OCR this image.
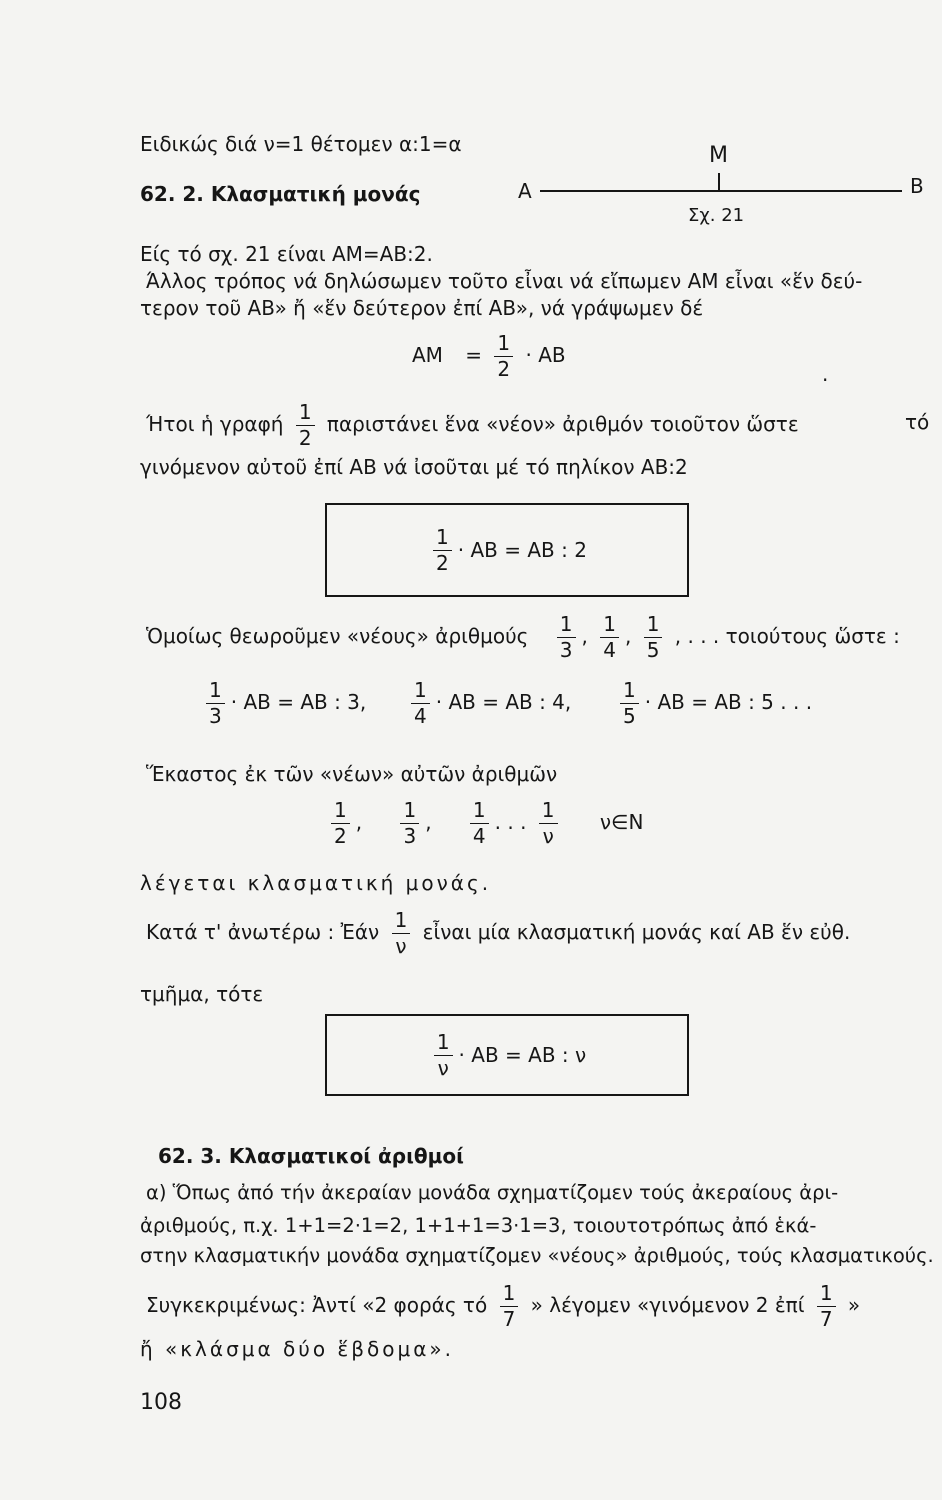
Ειδικώς διά ν=1 θέτομεν α:1=α
62. 2. Κλασματική μονάς	A
M
B
Σχ. 21
Είς τό σχ. 21 είναι AM=AB:2.
Άλλος τρόπος νά δηλώσωμεν τοῦτο εἶναι νά εἴπωμεν AM εἶναι «ἕν δεύ-
τερον τοῦ AB» ἤ «ἕν δεύτερον ἐπί AB», νά γράψωμεν δέ
AM = $\frac{1}{2}$ · AB
.
Ήτοι ἡ γραφή $\frac{1}{2}$ παριστάνει ἕνα «νέον» ἀριθμόν τοιοῦτον ὥστε	τό
γινόμενον αὐτοῦ ἐπί AB νά ἰσοῦται μέ τό πηλίκον AB:2
$\frac{1}{2}$ · AB = AB : 2
Ὁμοίως θεωροῦμεν «νέους» ἀριθμούς $\frac{1}{3}$ , $\frac{1}{4}$ , $\frac{1}{5}$ , . . . τοιούτους ὥστε :
$\frac{1}{3}$ · AB = AB : 3, $\frac{1}{4}$ · AB = AB : 4, $\frac{1}{5}$ · AB = AB : 5 . . .
Ἕκαστος ἐκ τῶν «νέων» αὐτῶν ἀριθμῶν
$\frac{1}{2}$ , $\frac{1}{3}$ , $\frac{1}{4}$ . . . $\frac{1}{\nu}$ ν∈N
λέγεται κλασματική μονάς.
Κατά τ' ἀνωτέρω : Ἐάν $\frac{1}{\nu}$ εἶναι μία κλασματική μονάς καί AB ἕν εὐθ.
τμῆμα, τότε
$\frac{1}{\nu}$ · AB = AB : ν
62. 3. Κλασματικοί ἀριθμοί
α) Ὅπως ἀπό τήν ἀκεραίαν μονάδα σχηματίζομεν τούς ἀκεραίους ἀρι-
ἀριθμούς, π.χ. 1+1=2·1=2, 1+1+1=3·1=3, τοιουτοτρόπως ἀπό ἑκά-
στην κλασματικήν μονάδα σχηματίζομεν «νέους» ἀριθμούς, τούς κλασματικούς.
Συγκεκριμένως: Ἀντί «2 φοράς τό $\frac{1}{7}$ » λέγομεν «γινόμενον 2 ἐπί $\frac{1}{7}$ »
ἤ «κλάσμα δύο ἕβδομα».
108
